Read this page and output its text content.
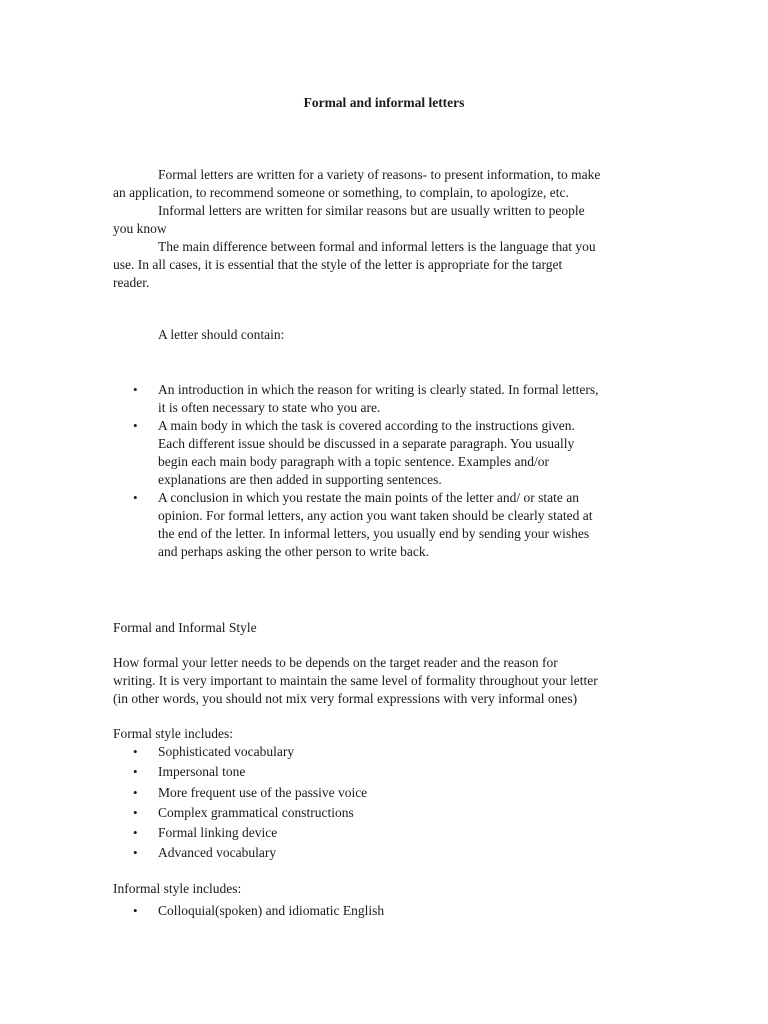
Formal and informal letters
Formal letters are written for a variety of reasons- to present information, to make
an application, to recommend someone or something, to complain, to apologize, etc.
Informal letters are written for similar reasons but are usually written to people
you know
The main difference between formal and informal letters is the language that you
use. In all cases, it is essential that the style of the letter is appropriate for the target
reader.
A letter should contain:
• An introduction in which the reason for writing is clearly stated. In formal letters,
it is often necessary to state who you are.
• A main body in which the task is covered according to the instructions given.
Each different issue should be discussed in a separate paragraph. You usually
begin each main body paragraph with a topic sentence. Examples and/or
explanations are then added in supporting sentences.
• A conclusion in which you restate the main points of the letter and/ or state an
opinion. For formal letters, any action you want taken should be clearly stated at
the end of the letter. In informal letters, you usually end by sending your wishes
and perhaps asking the other person to write back.
Formal and Informal Style
How formal your letter needs to be depends on the target reader and the reason for
writing. It is very important to maintain the same level of formality throughout your letter
(in other words, you should not mix very formal expressions with very informal ones)
Formal style includes:
• Sophisticated vocabulary
• Impersonal tone
• More frequent use of the passive voice
• Complex grammatical constructions
• Formal linking device
• Advanced vocabulary
Informal style includes:
• Colloquial(spoken) and idiomatic English
